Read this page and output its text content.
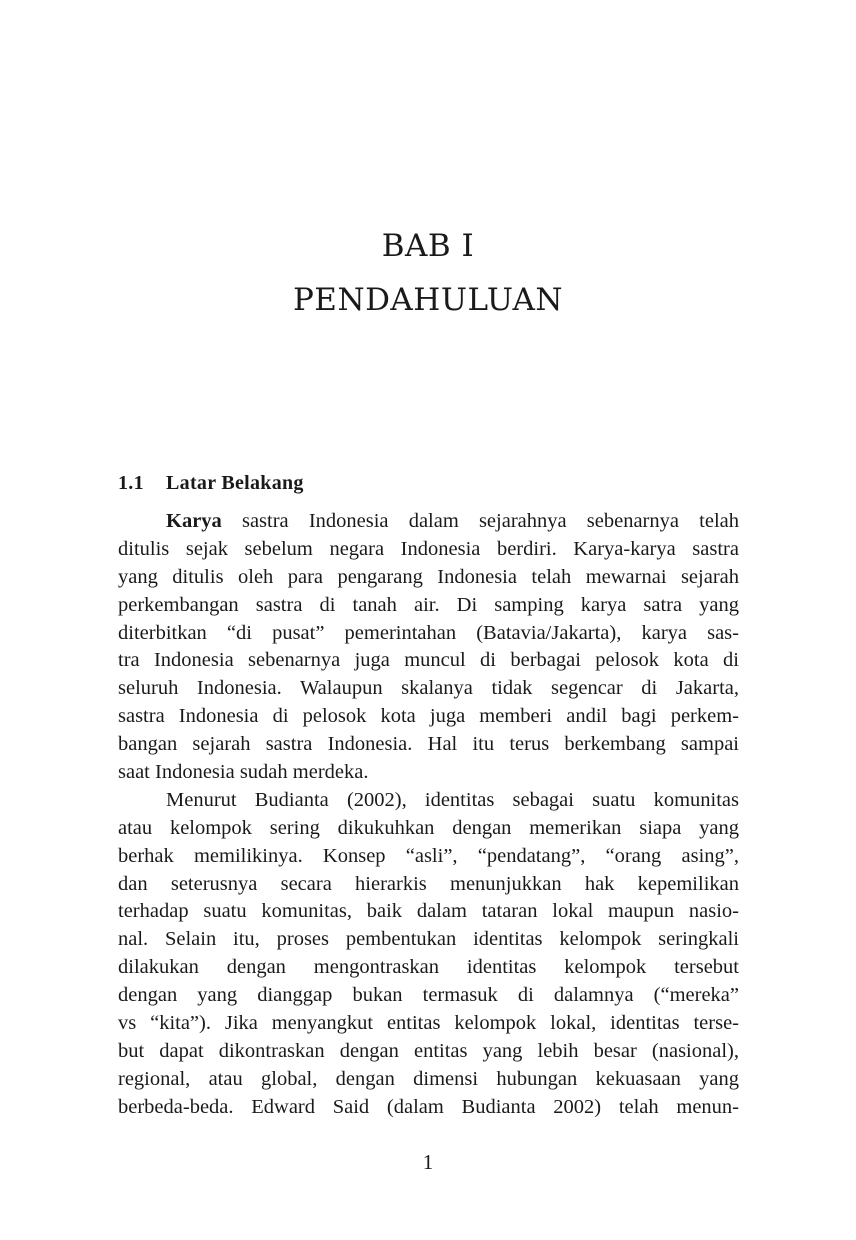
BAB I
PENDAHULUAN
1.1 Latar Belakang
Karya sastra Indonesia dalam sejarahnya sebenarnya telah
ditulis sejak sebelum negara Indonesia berdiri. Karya-karya sastra
yang ditulis oleh para pengarang Indonesia telah mewarnai sejarah
perkembangan sastra di tanah air. Di samping karya satra yang
diterbitkan “di pusat” pemerintahan (Batavia/Jakarta), karya sas-
tra Indonesia sebenarnya juga muncul di berbagai pelosok kota di
seluruh Indonesia. Walaupun skalanya tidak segencar di Jakarta,
sastra Indonesia di pelosok kota juga memberi andil bagi perkem-
bangan sejarah sastra Indonesia. Hal itu terus berkembang sampai
saat Indonesia sudah merdeka.
Menurut Budianta (2002), identitas sebagai suatu komunitas
atau kelompok sering dikukuhkan dengan memerikan siapa yang
berhak memilikinya. Konsep “asli”, “pendatang”, “orang asing”,
dan seterusnya secara hierarkis menunjukkan hak kepemilikan
terhadap suatu komunitas, baik dalam tataran lokal maupun nasio-
nal. Selain itu, proses pembentukan identitas kelompok seringkali
dilakukan dengan mengontraskan identitas kelompok tersebut
dengan yang dianggap bukan termasuk di dalamnya (“mereka”
vs “kita”). Jika menyangkut entitas kelompok lokal, identitas terse-
but dapat dikontraskan dengan entitas yang lebih besar (nasional),
regional, atau global, dengan dimensi hubungan kekuasaan yang
berbeda-beda. Edward Said (dalam Budianta 2002) telah menun-
1
